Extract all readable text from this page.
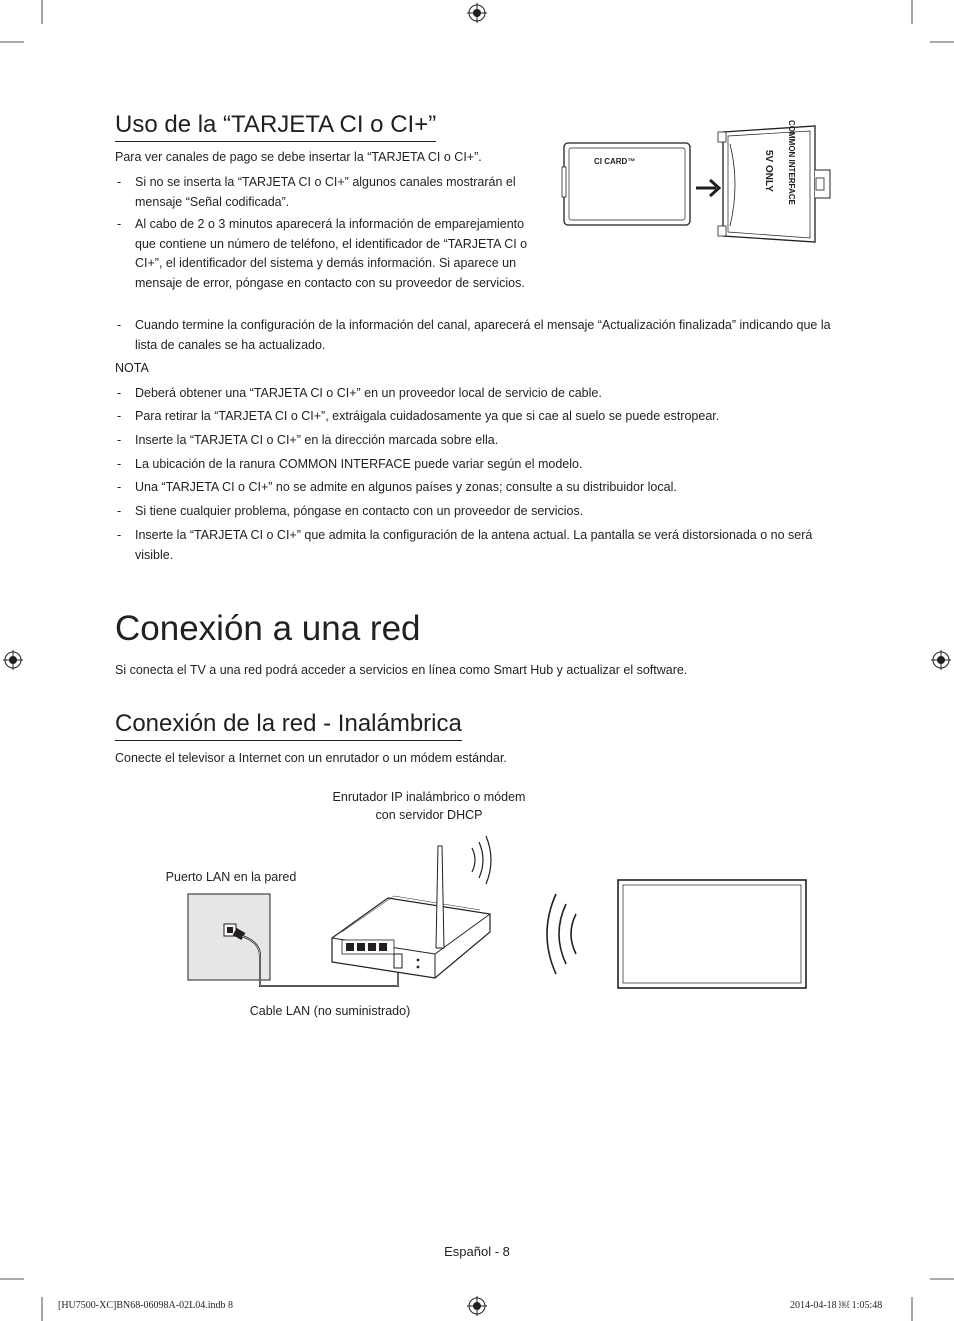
Uso de la “TARJETA CI o CI+”

Para ver canales de pago se debe insertar la “TARJETA CI o CI+”.

- Si no se inserta la “TARJETA CI o CI+” algunos canales mostrarán el mensaje “Señal codificada”.
- Al cabo de 2 o 3 minutos aparecerá la información de emparejamiento que contiene un número de teléfono, el identificador de “TARJETA CI o CI+”, el identificador del sistema y demás información. Si aparece un mensaje de error, póngase en contacto con su proveedor de servicios.
- Cuando termine la configuración de la información del canal, aparecerá el mensaje “Actualización finalizada” indicando que la lista de canales se ha actualizado.

NOTA

- Deberá obtener una “TARJETA CI o CI+” en un proveedor local de servicio de cable.
- Para retirar la “TARJETA CI o CI+”, extráigala cuidadosamente ya que si cae al suelo se puede estropear.
- Inserte la “TARJETA CI o CI+” en la dirección marcada sobre ella.
- La ubicación de la ranura COMMON INTERFACE puede variar según el modelo.
- Una “TARJETA CI o CI+” no se admite en algunos países y zonas; consulte a su distribuidor local.
- Si tiene cualquier problema, póngase en contacto con un proveedor de servicios.
- Inserte la “TARJETA CI o CI+” que admita la configuración de la antena actual. La pantalla se verá distorsionada o no será visible.
CI CARD™	COMMON INTERFACE
5V ONLY
Conexión a una red

Si conecta el TV a una red podrá acceder a servicios en línea como Smart Hub y actualizar el software.

Conexión de la red - Inalámbrica

Conecte el televisor a Internet con un enrutador o un módem estándar.

Enrutador IP inalámbrico o módem
con servidor DHCP
Puerto LAN en la pared
Cable LAN (no suministrado)
Español - 8
[HU7500-XC]BN68-06098A-02L04.indb 8	2014-04-18 ￼ 1:05:48
